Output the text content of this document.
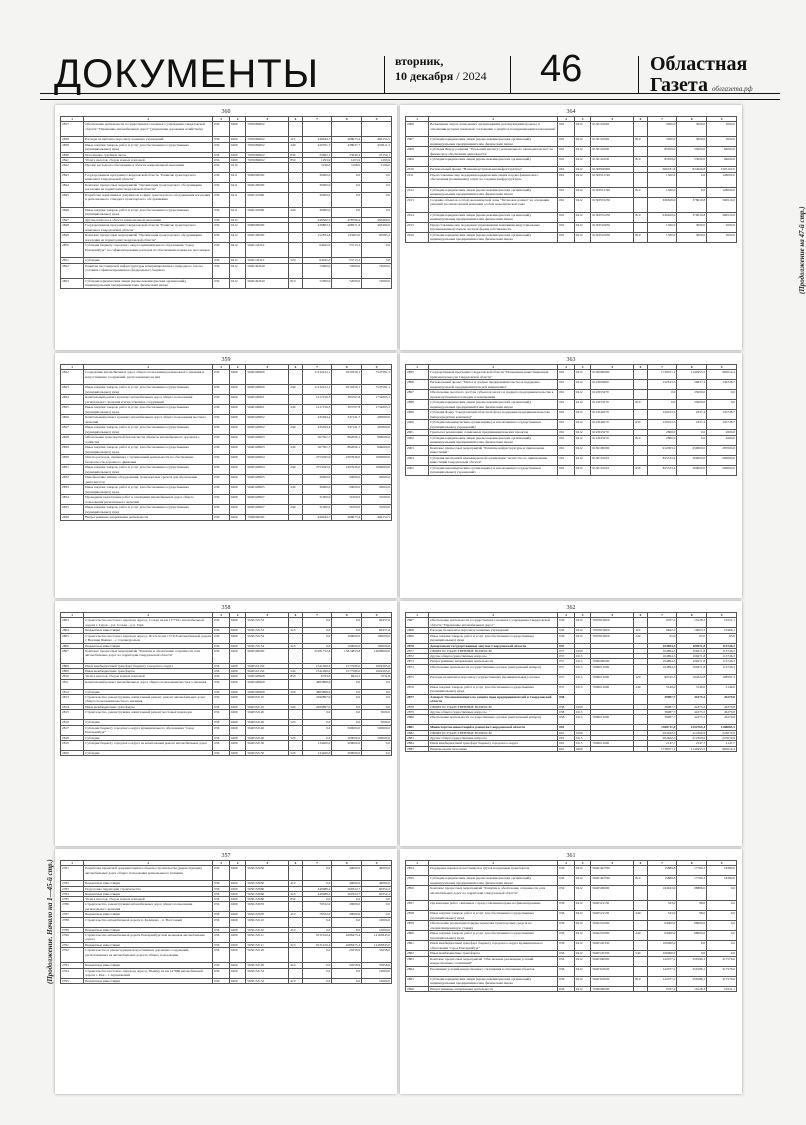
ДОКУМЕНТЫ	вторник,
10 декабря / 2024 46	Областная
Газета облгазета.рф
360
1	2	3	4	5	6	7	8	9
2837	Обеспечение деятельности государственного казенного учреждения Свердловской области "Управление автомобильных дорог" (управление дорожным хозяйством)	056	0409	7005082Б02				
2838	Расходы на выплаты персоналу казенных учреждений	056	0409	7005082Б02	110	446944,7	468073,4	484154,5
2839	Иные закупки товаров, работ и услуг для обеспечения государственных (муниципальных) нужд	056	0409	7005082Б02	240	420761,7	438037,7	450611,3
2840	Исполнение судебных актов	056	0409	7005082Б02	830	23692,1	23649,4	23159,1
2841	Уплата налогов, сборов и иных платежей	056	0409	7005082Б02	850	1293,9	1203,9	1293,9
2842	Прочие расходы на обеспечение в области национальной экономики	056	0410			3196,0	3196,0	3196,0
2843	Государственная программа Свердловской области "Развитие транспортного комплекса Свердловской области"	056	0411	5600000000		30000,0	0,0	0,0
2844	Комплекс процессных мероприятий "Организация транспортного обслуживания населения на территории Свердловской области"	056	0411	5640100000		30000,0	0,0	0,0
2845	Разработка нормативных документов в сфере транспортного обслуживания населения и регионального стандарта транспортного обслуживания	056	0411	5640110060		30000,0	0,0	0,0
2846	Иные закупки товаров, работ и услуг для обеспечения государственных (муниципальных) нужд	056	0411	5640110060	240	30000,0	0,0	0,0
2847	Другие вопросы в области национальной экономики	056	0412			449562,3	478706,4	463469,0
2848	Государственная программа Свердловской области "Развитие транспортного комплекса Свердловской области"	056	0412	5600000000		439803,3	468571,9	463469,0
2849	Комплекс процессных мероприятий "Организация транспортного обслуживания населения на территории Свердловской области"	056	0412	5640100000		152834,8	143403,0	90583,4
2850	Субсидия бюджету городского округа муниципального образования "город Екатеринбург" на софинансирование расходов по обеспечению перевозок пассажиров	056	0412	5640143310		64945,0	53713,3	0,0
2851	Субсидии	056	0412	5640143310	520	64945,0	53713,3	0,0
2852	Развитие пассажирской инфраструктуры компримированного природного газа на условиях софинансирования из федерального бюджета	056	0412	56401R2610		72000,0	72000,0	72000,0
2853	Субсидии юридическим лицам (кроме некоммерческих организаций), индивидуальным предпринимателям, физическим лицам	056	0412	56401R2610	810	72000,0	72000,0	72000,0
364
1	2	3	4	5	6	7	8	9
2906	Возмещение затрат, понесенных организациями, реализующими проекты, в отношении которых заключено соглашение о защите и поощрении капиталовложений	061	0412	6130110020		3000,0	3000,0	3000,0
2907	Субсидии юридическим лицам (кроме некоммерческих организаций), индивидуальным предпринимателям, физическим лицам	061	0412	6130110020	810	3000,0	3000,0	3000,0
2908	Субсидия Фонду развития "Уральский институт регионального законодательства" на финансовое обеспечение деятельности	061	0412	6130110030		85059,0	55000,0	84000,0
2909	Субсидии юридическим лицам (кроме некоммерческих организаций)	061	0412	6130110030	810	85059,0	55000,0	84000,0
2910	Региональный проект "Новая индустриальная инфраструктура"	061	0412	613И500000		660181,6	824626,8	1303102,0
2911	Предоставление мер поддержки юридическим лицам в целях финансового обеспечения (возмещения) затрат на создание инфраструктуры	061	0412	613И551740		1500,0	0,0	128000,0
2912	Субсидии юридическим лицам (кроме некоммерческих организаций), индивидуальным предпринимателям, физическим лицам	061	0412	613И551740	810	1500,0	0,0	128000,0
2913	Создание объектов особой экономической зоны "Титановая долина" на основании решений уполномоченной компании особой экономической зоны	061	0412	613И555230		636629,9	378619,8	366510,0
2914	Субсидии юридическим лицам (кроме некоммерческих организаций), индивидуальным предпринимателям, физическим лицам	061	0412	613И555230	810	636629,9	378619,8	366510,0
2915	Предоставление мер поддержки управляющим компаниям индустриальных (промышленных) парков частной формы собственности	061	0412	613И510050		1500,0	3000,0	3000,0
2916	Субсидии юридическим лицам (кроме некоммерческих организаций), индивидуальным предпринимателям, физическим лицам	061	0412	613И510050	810	1500,0	3000,0	3000,0
359
1	2	3	4	5	6	7	8	9
2822	Содержание автомобильных дорог общего пользования регионального значения и искусственных сооружений, расположенных на них	056	0409	5640520Б00		11132412,1	9310259,1	7547581,1
2823	Иные закупки товаров, работ и услуг для обеспечения государственных (муниципальных) нужд	056	0409	5640520Б00	240	11132412,1	9310259,1	7547581,1
2824	Капитальный ремонт и ремонт автомобильных дорог общего пользования регионального значения и искусственных сооружений	056	0409	5640520Б01		1217156,3	393797,8	1732695,1
2825	Иные закупки товаров, работ и услуг для обеспечения государственных (муниципальных) нужд	056	0409	5640520Б01	240	1217156,3	393797,8	1732695,1
2826	Капитальный ремонт и ремонт автомобильных дорог общего пользования местного значения	056	0409	5640520Б02		435494,4	347141,7	400000,0
2827	Иные закупки товаров, работ и услуг для обеспечения государственных (муниципальных) нужд	056	0409	5640520Б02	240	435494,4	347141,7	400000,0
2828	Обеспечение транспортной безопасности объектов автомобильного дорожного хозяйства	056	0409	5640520Б03		507301,7	862090,1	984000,0
2829	Иные закупки товаров, работ и услуг для обеспечения государственных (муниципальных) нужд	056	0409	5640520Б03	240	507301,7	862090,1	984000,0
2830	Оплата расходов, связанных с организацией деятельности по обеспечению безопасности дорожного движения	056	0409	5640520Б04		2753045,0	2397946,0	1900000,0
2831	Иные закупки товаров, работ и услуг для обеспечения государственных (муниципальных) нужд	056	0409	5640520Б04	240	2753045,0	2397946,0	1900000,0
2832	Приобретение машин, оборудования, транспортных средств для обеспечения деятельности	056	0409	5640520Б05		30000,0	20000,0	20000,0
2833	Иные закупки товаров, работ и услуг для обеспечения государственных (муниципальных) нужд	056	0409	5640520Б05	240	30000,0	20000,0	20000,0
2834	Проведение кадастровых работ в отношении автомобильных дорог общего пользования регионального значения	056	0409	5640520Б07		31000,0	31000,0	31000,0
2835	Иные закупки товаров, работ и услуг для обеспечения государственных (муниципальных) нужд	056	0409	5640520Б07	240	31000,0	31000,0	31000,0
2836	Непрограммные направления деятельности	056	0409	7000000000		446944,7	468073,4	484154,5
363
1	2	3	4	5	6	7	8	9
2895	Государственная программа Свердловской области "Повышение инвестиционной привлекательности Свердловской области"	061	0412	6100000000		1738071,1	1140455,5	965014,4
2896	Региональный проект "Малое и среднее предпринимательство и поддержка индивидуальной предпринимательской инициативы"	061	0412	6123I00000		122813,5	26837,4	136338,7
2897	Обеспечение льготного доступа субъектов малого и среднего предпринимательства к производственным площадям и помещениям	061	0412	6123I55270		0,0	25000,0	0,0
2898	Субсидии юридическим лицам (кроме некоммерческих организаций), индивидуальным предпринимателям, физическим лицам	061	0412	6123I55270	810	0,0	25000,0	0,0
2899	Субсидия фонду "Свердловский областной фонд поддержки предпринимательства (микрокредитная компания)"	061	0412	6123I40270		120013,5	1837,4	133738,7
2900	Субсидии некоммерческим организациям (за исключением государственных (муниципальных) учреждений)	061	0412	6123I40270	630	120013,5	1837,4	133738,7
2901	Гранты на реализацию социальных предпринимательских проектов	061	0412	6123I45270		2800,0	0,0	2600,0
2902	Субсидии юридическим лицам (кроме некоммерческих организаций), индивидуальным предпринимателям, физическим лицам	061	0412	6123I45270	810	2800,0	0,0	2600,0
2903	Комплекс процессных мероприятий "Развитие инфраструктуры и привлечение инвестиций"	061	0412	6130100000		912003,2	259000,0	287000,0
2904	Субсидия автономной некоммерческой организации "Агентство по привлечению инвестиций Свердловской области"	061	0412	6130110010		825533,4	200000,0	200000,0
2905	Субсидии некоммерческим организациям (за исключением государственных (муниципальных) учреждений)	061	0412	6130110010	630	825533,4	200000,0	200000,0
358
1	2	3	4	5	6	7	8	9
2803	Строительство мостового перехода через р. Сосьву на км 137+021 автомобильной дороги г. Серов – р.п. Сосьва – р.п. Гари	056	0409	56301SJ153		0,0	0,0	60437,6
2804	Бюджетные инвестиции	056	0409	56301SJ153	410	0,0	0,0	60437,6
2805	Строительство мостового перехода через р. Исеть на км 13+418 автомобильной дороги г. Верхняя Пышма – с. Среднеуральск	056	0409	56301SJ154		0,0	100000,0	100000,0
2806	Бюджетные инвестиции	056	0409	56301SJ154	410	0,0	100000,0	100000,0
2807	Комплекс процессных мероприятий "Развитие и обеспечение сохранности сети автомобильных дорог на территории Свердловской области"	056	0409	5640500000		21281752,8	15614853,8	14008600,0
2808	Иной межбюджетный трансферт бюджету городского округа	056	0409	5640510150		1541496,0	1577580,0	1602263,0
2809	Иные межбюджетные трансферты	056	0409	5640510150	540	1541496,0	1577580,0	1602263,0
2810	Уплата налогов, сборов и иных платежей	056	0409	5640520Б08	850	6793,0	6924,5	7032,8
2811	Капитальный ремонт автомобильных дорог общего пользования местного значения	056	0409	5640520Б09		4863898,6	0,0	0,0
2812	Субсидии	056	0409	5640520Б09	520	4863898,6	0,0	0,0
2813	Строительство, реконструкция, капитальный ремонт, ремонт автомобильных дорог общего пользования местного значения	056	0409	56405SJ110		2269897,0	0,0	0,0
2814	Иные межбюджетные трансферты	056	0409	56405SJ110	540	2269897,0	0,0	0,0
2815	Строительство, реконструкция, капитальный ремонт мостовых переходов	056	0409	56405SJ120		0,0	0,0	5000,0
2816	Субсидии	056	0409	56405SJ120	520	0,0	0,0	5000,0
2817	Субсидии бюджету городского округа муниципального образования "город Екатеринбург"	056	0409	56405SJ140		0,0	500000,0	500000,0
2818	Субсидии	056	0409	56405SJ140	520	0,0	500000,0	500000,0
2819	Субсидии бюджету городского округа на капитальный ремонт автомобильных дорог	056	0409	56405SJ150		134400,0	200000,0	0,0
2820	Субсидии	056	0409	56405SJ150	520	134400,0	200000,0	0,0
362
1	2	3	4	5	6	7	8	9
2867	Обеспечение деятельности государственного казенного учреждения Свердловской области "Управление автомобильных дорог"	056	0412	7005815Б00		9707,2	10128,3	10531,1
2868	Расходы на выплаты персоналу казенных учреждений	056	0412	7005815Б00	110	9642,2	10063,3	10466,1
2869	Иные закупки товаров, работ и услуг для обеспечения государственных (муниципальных) нужд	056	0412	7005815Б00	240	65,0	65,0	65,0
2870	Департамент государственных закупок Свердловской области	057				104894,3	109471,8	113746,3
2871	ОБЩЕГОСУДАРСТВЕННЫЕ ВОПРОСЫ	057	0100			104894,3	109471,8	113746,3
2872	Другие общегосударственные вопросы	057	0113			104894,3	109471,8	113746,3
2873	Непрограммные направления деятельности	057	0113	7000000000		104894,3	109471,8	113746,3
2874	Обеспечение деятельности государственных органов (центральный аппарат)	057	0113	7009011000		104894,3	109471,8	113746,3
2875	Расходы на выплаты персоналу государственных (муниципальных) органов	057	0113	7009011000	120	99745,3	104322,8	108597,3
2876	Иные закупки товаров, работ и услуг для обеспечения государственных (муниципальных) нужд	057	0113	7009011000	240	5149,0	5149,0	5149,0
2877	Аппарат Уполномоченного по защите прав предпринимателей в Свердловской области	058				39987,7	41675,5	43279,8
2878	ОБЩЕГОСУДАРСТВЕННЫЕ ВОПРОСЫ	058	0100			39987,7	41675,5	43279,8
2879	Другие общегосударственные вопросы	058	0113			39987,7	41675,5	43279,8
2880	Обеспечение деятельности государственных органов (центральный аппарат)	058	0113	7009011000		39987,7	41675,5	43279,8
2881	Министерство инвестиций и развития Свердловской области	061				1948711,4	1352765,4	1188085,3
2882	ОБЩЕГОСУДАРСТВЕННЫЕ ВОПРОСЫ	061	0100			204642,5	212309,9	223070,9
2883	Другие общегосударственные вопросы	061	0113			204642,5	212309,9	223070,9
2884	Иной межбюджетный трансферт бюджету городского округа	061	0113	7009011000		2147,7	2147,7	2147,7
2885	Национальная экономика	061	0400			1738071,1	1140455,5	965014,4
357
1	2	3	4	5	6	7	8	9
2781	Разработка проектной документации на объекты строительства (реконструкции) автомобильных дорог общего пользования регионального значения	056	0409	56301SJ050		0,0	40000,0	40000,0
2782	Бюджетные инвестиции	056	0409	56301SJ050	410	0,0	40000,0	40000,0
2783	Подготовка территории строительства	056	0409	56301SJ060		440089,2	260324,7	60352,2
2784	Бюджетные инвестиции	056	0409	56301SJ060	410	440089,2	260324,7	60352,2
2785	Уплата налогов, сборов и иных платежей	056	0409	56301SJ060	850	0,0	0,0	0,0
2786	Строительство, реконструкция автомобильных дорог общего пользования регионального значения	056	0409	56301SJ070		70332,0	20000,0	0,0
2787	Бюджетные инвестиции	056	0409	56301SJ070	410	70332,0	20000,0	0,0
2788	Строительство автомобильной дороги п. Калиново – п. Восточный	056	0409	56301SJ110		0,0	0,0	10000,0
2789	Бюджетные инвестиции	056	0409	56301SJ110	410	0,0	0,0	10000,0
2790	Строительство автомобильной дороги Екатеринбургская кольцевая автомобильная дорога	056	0409	56301SJ111		8131910,4	4286475,4	14163843,0
2791	Бюджетные инвестиции	056	0409	56301SJ111	410	8131910,4	4286475,4	14163843,0
2792	Строительство и реконструкция искусственных дорожных сооружений, расположенных на автомобильных дорогах общего пользования	056	0409	56301SJ120		0,0	20258,9	35658,6
2793	Бюджетные инвестиции	056	0409	56301SJ120	410	0,0	20258,9	35658,6
2794	Строительство мостового перехода через р. Пышму на км 14+866 автомобильной дороги г. Реж – г. Артемовский	056	0409	56301SJ132		0,0	0,0	10000,0
2795	Бюджетные инвестиции	056	0409	56301SJ132	410	0,0	0,0	10000,0
361
1	2	3	4	5	6	7	8	9
2854	Поддержка перевозок пассажиров и грузов воздушным транспортом	056	0412	56401R2760		15889,8	17760,3	18380,0
2855	Субсидии юридическим лицам (кроме некоммерческих организаций), индивидуальным предпринимателям, физическим лицам	056	0412	56401R2760	810	15889,8	17760,3	18380,0
2856	Комплекс процессных мероприятий "Развитие и обеспечение сохранности сети автомобильных дорог на территории Свердловской области"	056	0412	5640500000		164943,9	68886,0	0,0
2857	Организация работ, связанных с предоставлением права на финансирование	056	0412	5640521150		343,0	98,0	0,0
2858	Иные закупки товаров, работ и услуг для обеспечения государственных (муниципальных) нужд	056	0412	5640521150	240	343,0	98,0	0,0
2859	Обеспечение реализации порядка перевозки транспортных средств на специализированную стоянку	056	0412	5640210000		64000,0	68000,0	0,0
2860	Иные закупки товаров, работ и услуг для обеспечения государственных (муниципальных) нужд	056	0412	5640210000	240	64000,0	68000,0	0,0
2861	Иной межбюджетный трансферт бюджету городского округа муниципального образования "город Екатеринбург"	056	0412	5640545330		100000,0	0,0	0,0
2862	Иные межбюджетные трансферты	056	0412	5640545330	540	100000,0	0,0	0,0
2863	Комплекс процессных мероприятий "Обеспечение реализации условий концессионных соглашений"	056	0412	5640300000		122077,2	256186,1	317576,6
2864	Реализация условий концессионного соглашения в отношении объектов	056	0412	5640310020		122077,2	256186,1	317576,6
2865	Субсидии юридическим лицам (кроме некоммерческих организаций), индивидуальным предпринимателям, физическим лицам	056	0412	5640310020	810	122077,2	256186,1	317576,6
2866	Непрограммные направления деятельности	056	0412	7000000000		9707,2	10128,3	10531,1
(Продолжение на 47-й стр.)
(Продолжение. Начало на 1—45-й стр.)
